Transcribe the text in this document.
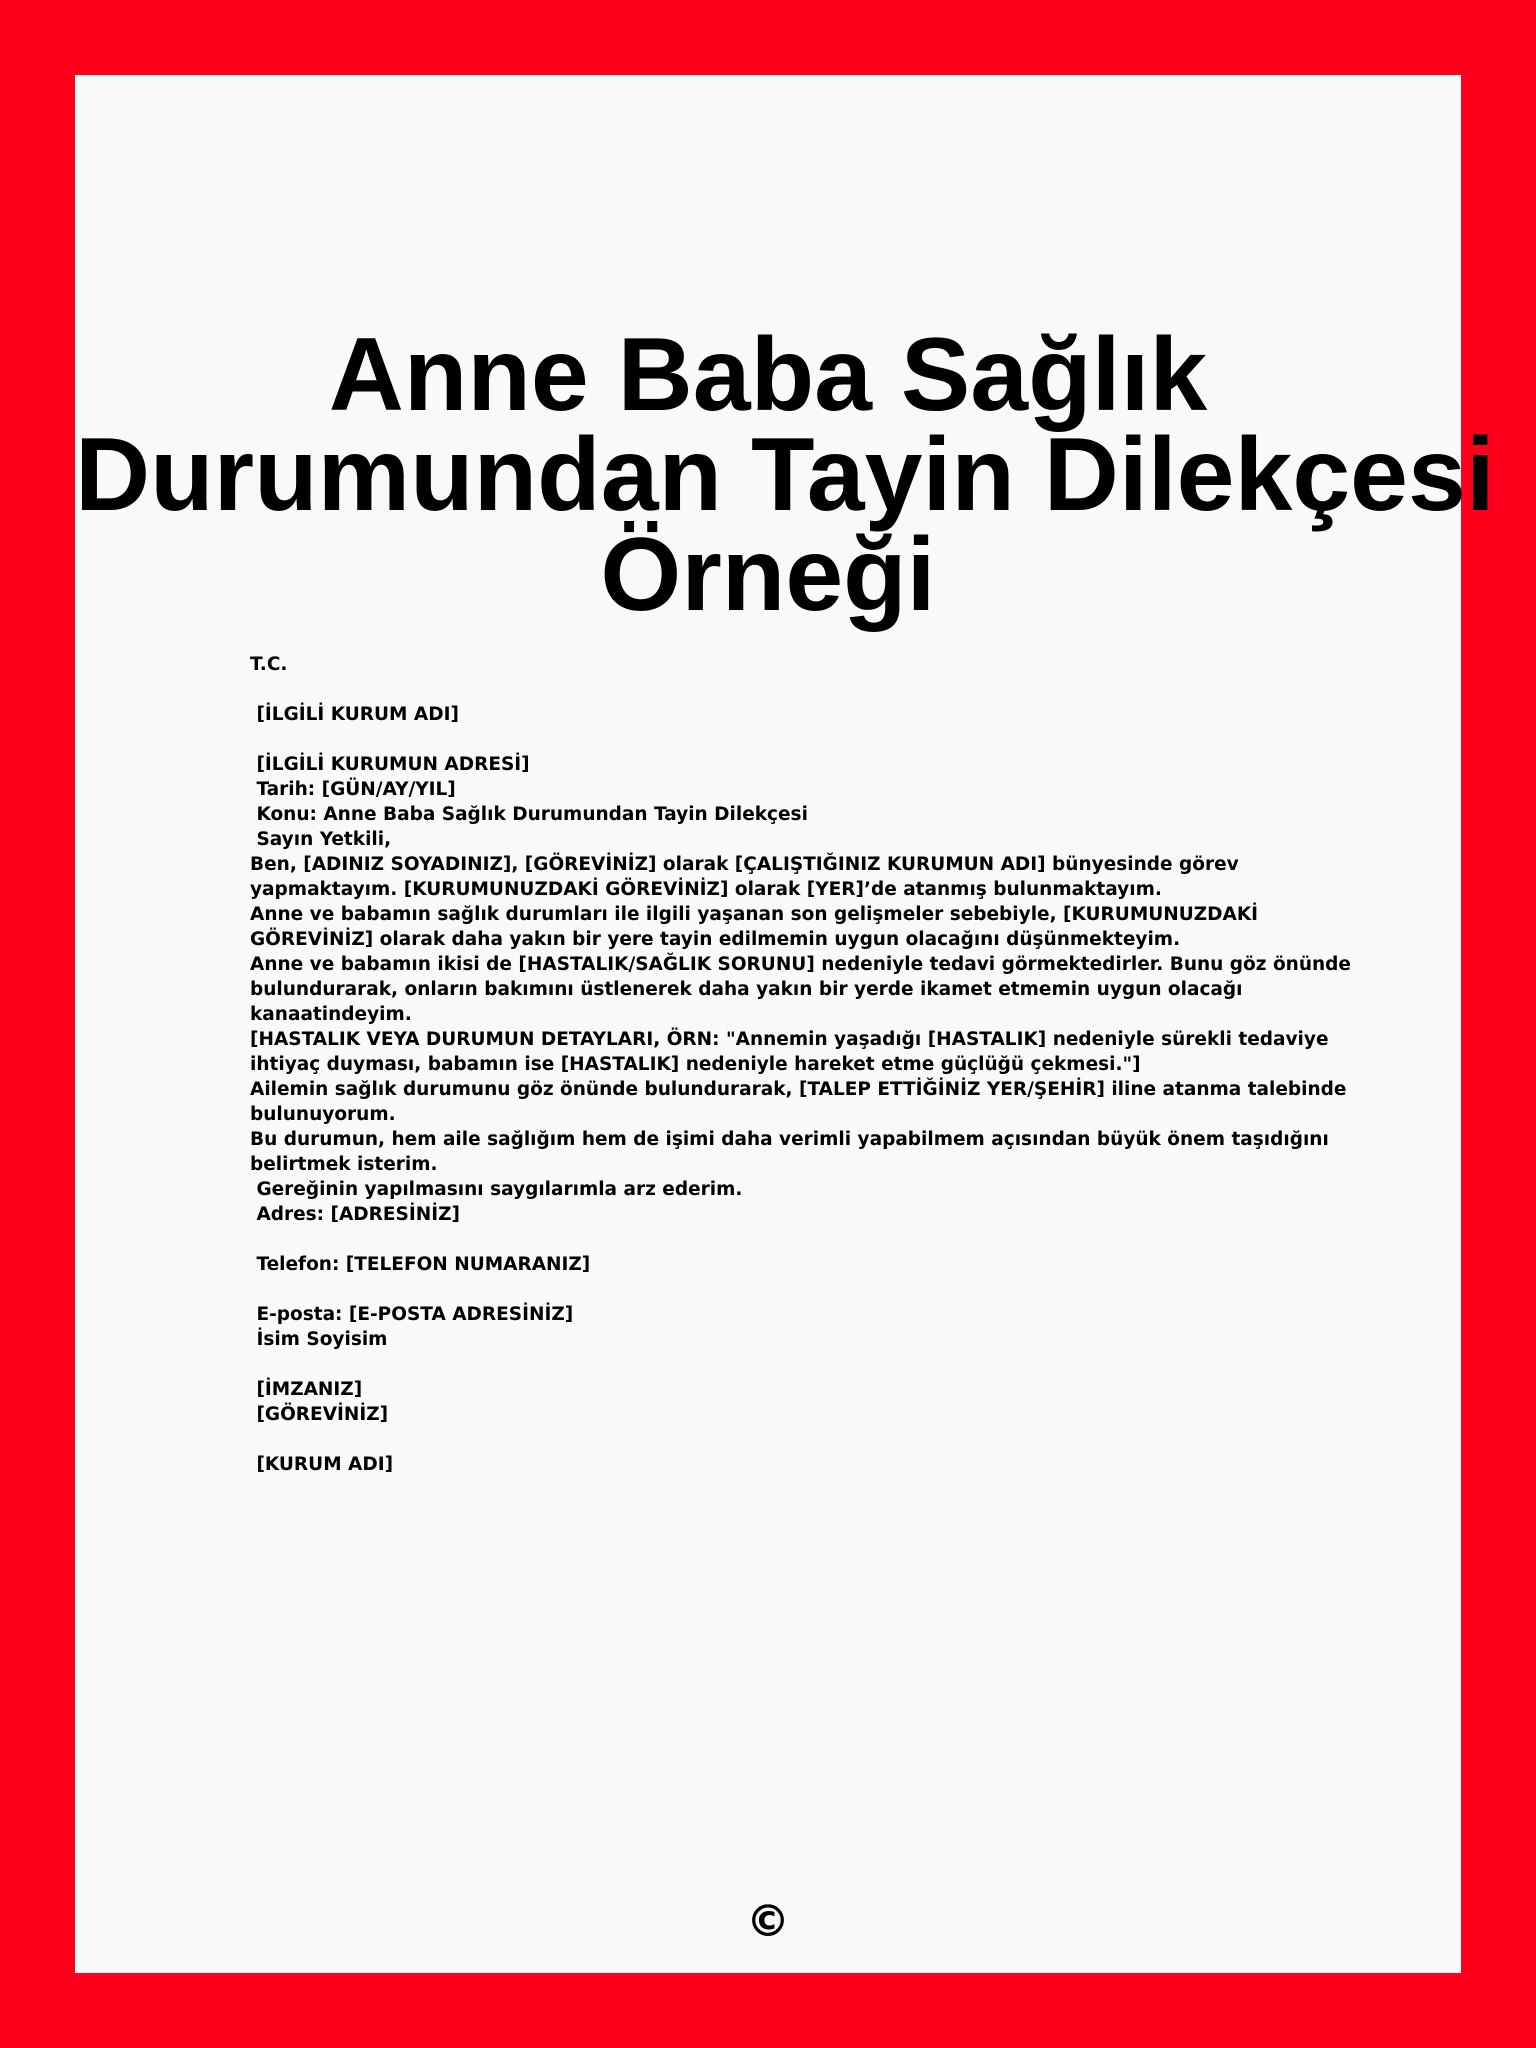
Anne Baba Sağlık
Durumundan Tayin Dilekçesi
Örneği
T.C.
[İLGİLİ KURUM ADI]
[İLGİLİ KURUMUN ADRESİ]
Tarih: [GÜN/AY/YIL]
Konu: Anne Baba Sağlık Durumundan Tayin Dilekçesi
Sayın Yetkili,
Ben, [ADINIZ SOYADINIZ], [GÖREVİNİZ] olarak [ÇALIŞTIĞINIZ KURUMUN ADI] bünyesinde görev
yapmaktayım. [KURUMUNUZDAKİ GÖREVİNİZ] olarak [YER]’de atanmış bulunmaktayım.
Anne ve babamın sağlık durumları ile ilgili yaşanan son gelişmeler sebebiyle, [KURUMUNUZDAKİ
GÖREVİNİZ] olarak daha yakın bir yere tayin edilmemin uygun olacağını düşünmekteyim.
Anne ve babamın ikisi de [HASTALIK/SAĞLIK SORUNU] nedeniyle tedavi görmektedirler. Bunu göz önünde
bulundurarak, onların bakımını üstlenerek daha yakın bir yerde ikamet etmemin uygun olacağı
kanaatindeyim.
[HASTALIK VEYA DURUMUN DETAYLARI, ÖRN: "Annemin yaşadığı [HASTALIK] nedeniyle sürekli tedaviye
ihtiyaç duyması, babamın ise [HASTALIK] nedeniyle hareket etme güçlüğü çekmesi."]
Ailemin sağlık durumunu göz önünde bulundurarak, [TALEP ETTİĞİNİZ YER/ŞEHİR] iline atanma talebinde
bulunuyorum.
Bu durumun, hem aile sağlığım hem de işimi daha verimli yapabilmem açısından büyük önem taşıdığını
belirtmek isterim.
Gereğinin yapılmasını saygılarımla arz ederim.
Adres: [ADRESİNİZ]
Telefon: [TELEFON NUMARANIZ]
E-posta: [E-POSTA ADRESİNİZ]
İsim Soyisim
[İMZANIZ]
[GÖREVİNİZ]
[KURUM ADI]
©
